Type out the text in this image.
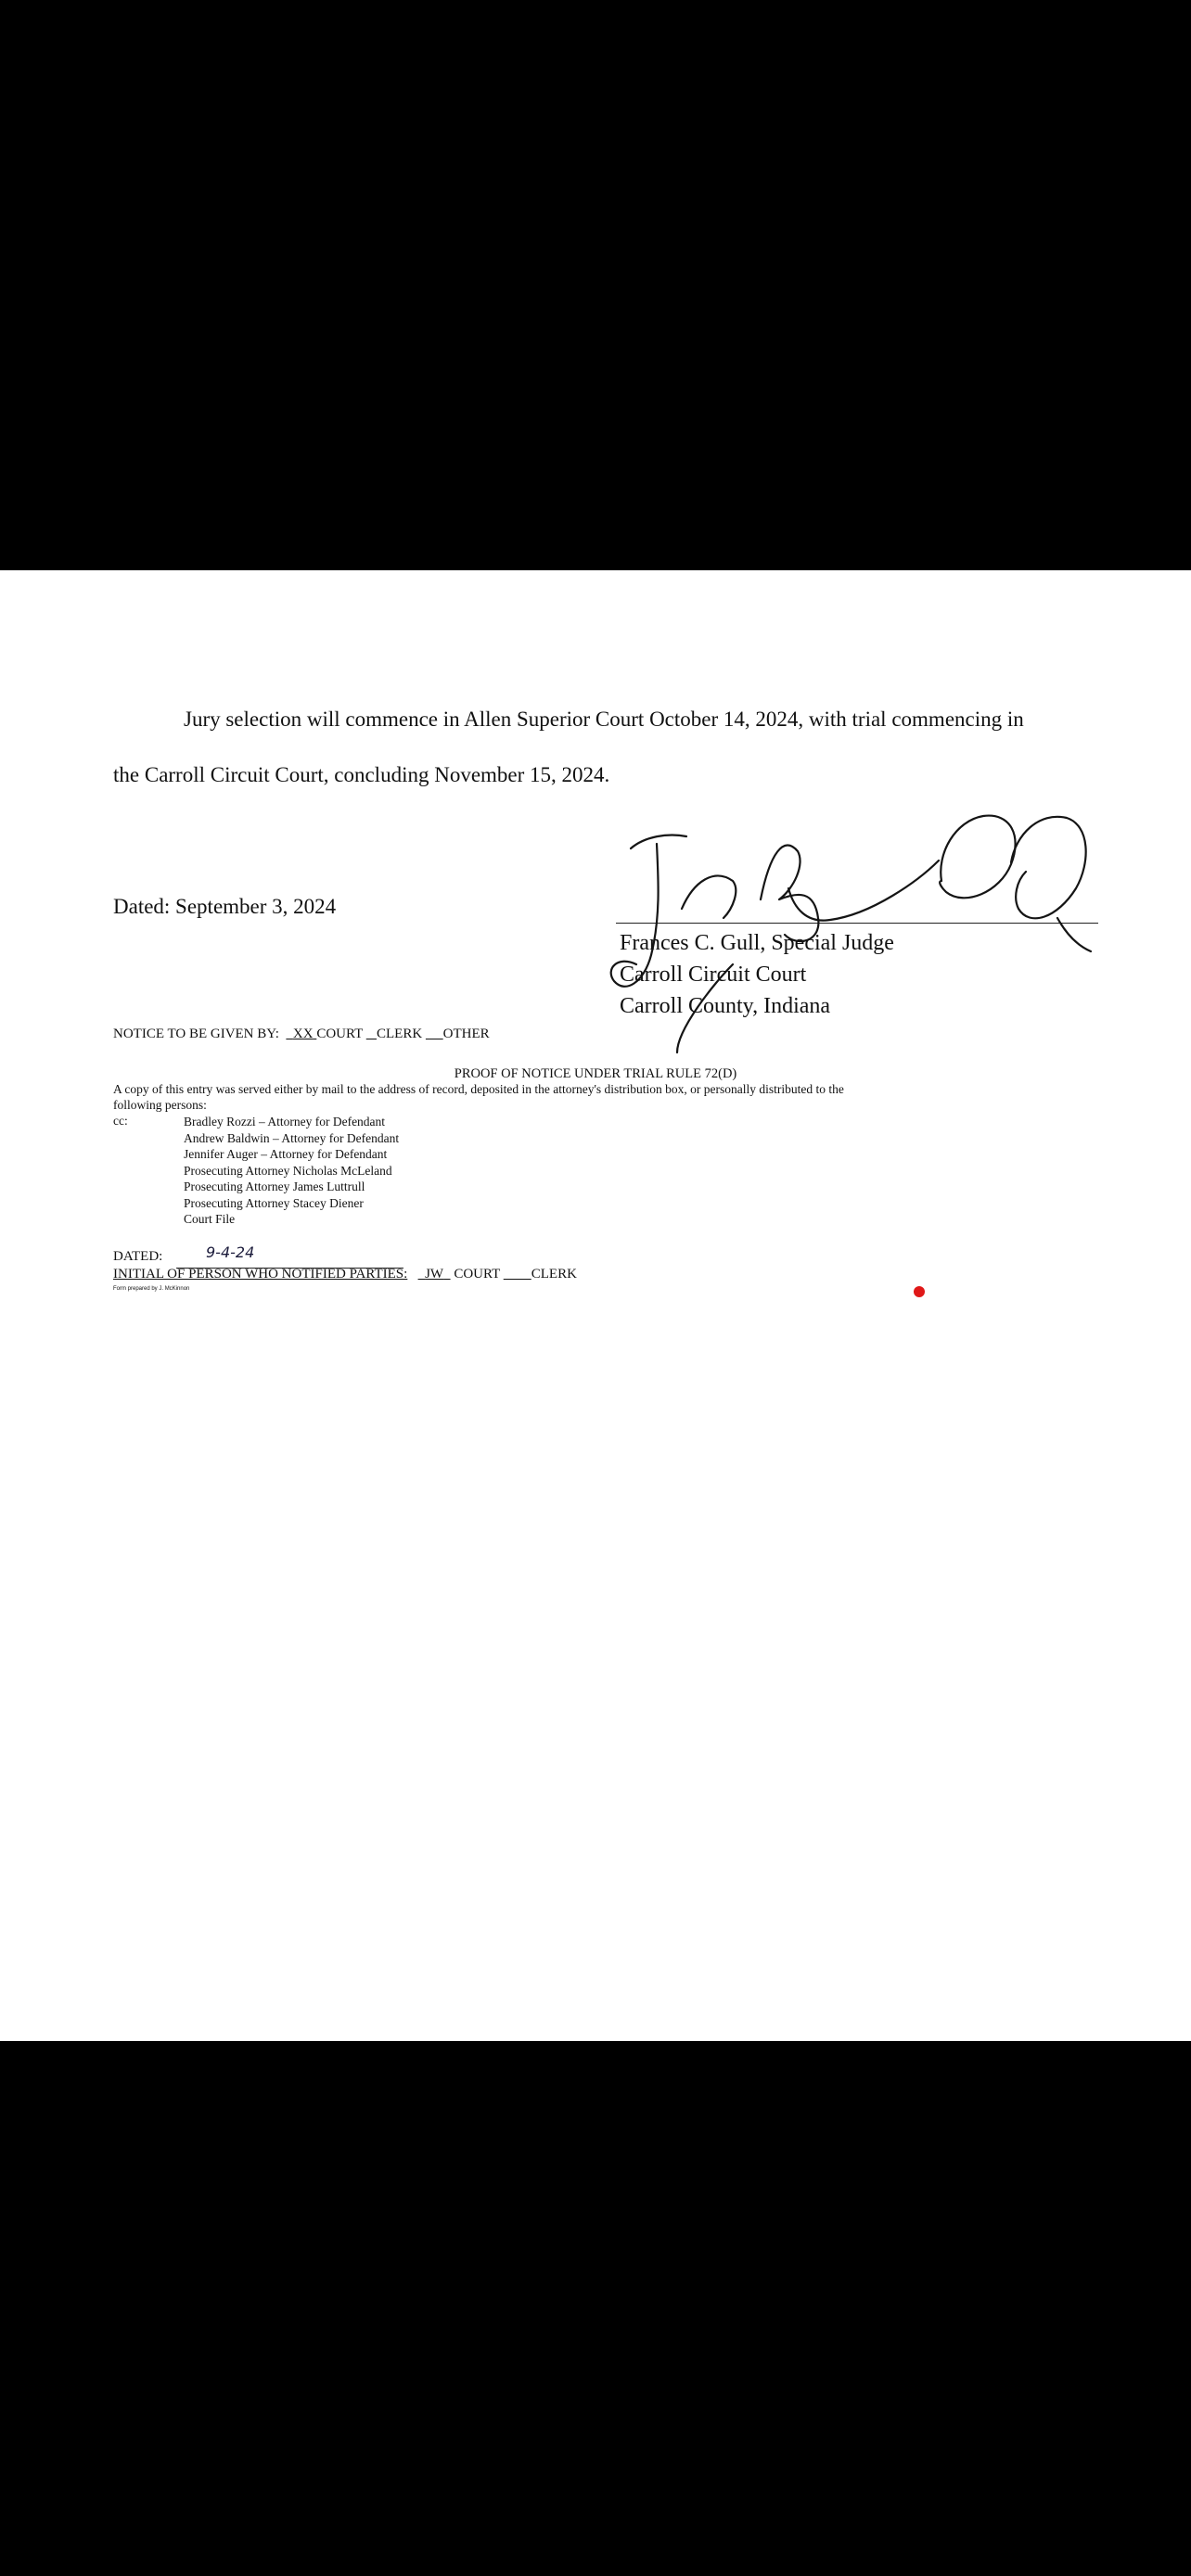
Jury selection will commence in Allen Superior Court October 14, 2024, with trial commencing in

the Carroll Circuit Court, concluding November 15, 2024.

Dated: September 3, 2024

Frances C. Gull, Special Judge
Carroll Circuit Court
Carroll County, Indiana
NOTICE TO BE GIVEN BY: XX COURT CLERK OTHER
PROOF OF NOTICE UNDER TRIAL RULE 72(D)
A copy of this entry was served either by mail to the address of record, deposited in the attorney's distribution box, or personally distributed to the
following persons:
cc:	Bradley Rozzi – Attorney for Defendant
Andrew Baldwin – Attorney for Defendant
Jennifer Auger – Attorney for Defendant
Prosecuting Attorney Nicholas McLeland
Prosecuting Attorney James Luttrull
Prosecuting Attorney Stacey Diener
Court File
DATED:	9-4-24
INITIAL OF PERSON WHO NOTIFIED PARTIES: JW COURT CLERK
Form prepared by J. McKinnon
